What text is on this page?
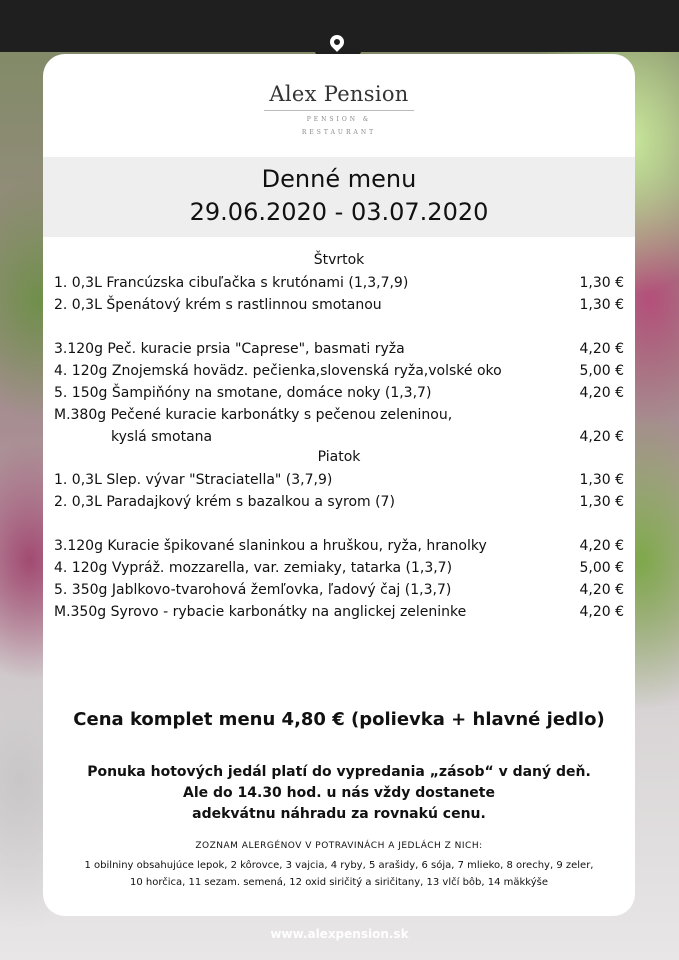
Alex Pension
PENSION &
RESTAURANT
Denné menu
29.06.2020 - 03.07.2020
Štvrtok
1. 0,3L Francúzska cibuľačka s krutónami (1,3,7,9)	1,30 €
2. 0,3L Špenátový krém s rastlinnou smotanou	1,30 €
3.120g Peč. kuracie prsia "Caprese", basmati ryža	4,20 €
4. 120g Znojemská hovädz. pečienka,slovenská ryža,volské oko	5,00 €
5. 150g Šampiňóny na smotane, domáce noky (1,3,7)	4,20 €
M.380g Pečené kuracie karbonátky s pečenou zeleninou,
kyslá smotana	4,20 €
Piatok
1. 0,3L Slep. vývar "Straciatella" (3,7,9)	1,30 €
2. 0,3L Paradajkový krém s bazalkou a syrom (7)	1,30 €
3.120g Kuracie špikované slaninkou a hruškou, ryža, hranolky	4,20 €
4. 120g Vypráž. mozzarella, var. zemiaky, tatarka (1,3,7)	5,00 €
5. 350g Jablkovo-tvarohová žemľovka, ľadový čaj (1,3,7)	4,20 €
M.350g Syrovo - rybacie karbonátky na anglickej zeleninke	4,20 €
Cena komplet menu 4,80 € (polievka + hlavné jedlo)
Ponuka hotových jedál platí do vypredania „zásob“ v daný deň.
Ale do 14.30 hod. u nás vždy dostanete
adekvátnu náhradu za rovnakú cenu.
ZOZNAM ALERGÉNOV V POTRAVINÁCH A JEDLÁCH Z NICH:
1 obilniny obsahujúce lepok, 2 kôrovce, 3 vajcia, 4 ryby, 5 arašidy, 6 sója, 7 mlieko, 8 orechy, 9 zeler,
10 horčica, 11 sezam. semená, 12 oxid siričitý a siričitany, 13 vlčí bôb, 14 mäkkýše
www.alexpension.sk
